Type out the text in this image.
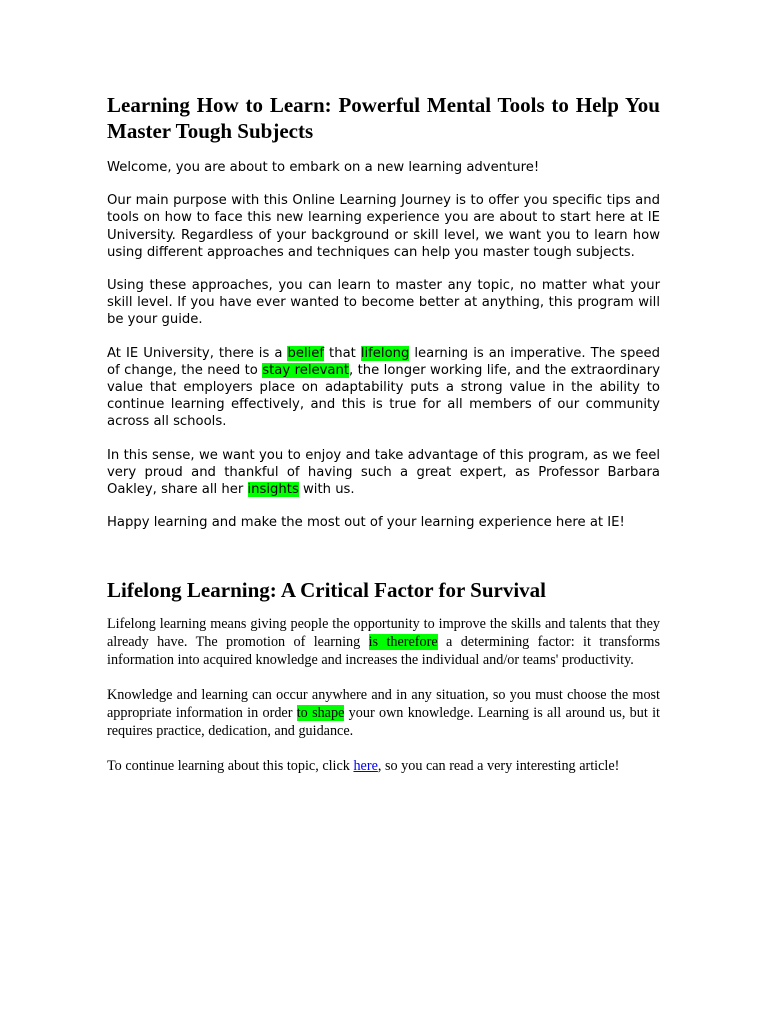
Learning How to Learn: Powerful Mental Tools to Help You Master Tough Subjects

Welcome, you are about to embark on a new learning adventure!

Our main purpose with this Online Learning Journey is to offer you specific tips and tools on how to face this new learning experience you are about to start here at IE University. Regardless of your background or skill level, we want you to learn how using different approaches and techniques can help you master tough subjects.

Using these approaches, you can learn to master any topic, no matter what your skill level. If you have ever wanted to become better at anything, this program will be your guide.

At IE University, there is a belief that lifelong learning is an imperative. The speed of change, the need to stay relevant, the longer working life, and the extraordinary value that employers place on adaptability puts a strong value in the ability to continue learning effectively, and this is true for all members of our community across all schools.

In this sense, we want you to enjoy and take advantage of this program, as we feel very proud and thankful of having such a great expert, as Professor Barbara Oakley, share all her insights with us.

Happy learning and make the most out of your learning experience here at IE!

Lifelong Learning: A Critical Factor for Survival

Lifelong learning means giving people the opportunity to improve the skills and talents that they already have. The promotion of learning is therefore a determining factor: it transforms information into acquired knowledge and increases the individual and/or teams' productivity.

Knowledge and learning can occur anywhere and in any situation, so you must choose the most appropriate information in order to shape your own knowledge. Learning is all around us, but it requires practice, dedication, and guidance.

To continue learning about this topic, click here, so you can read a very interesting article!
